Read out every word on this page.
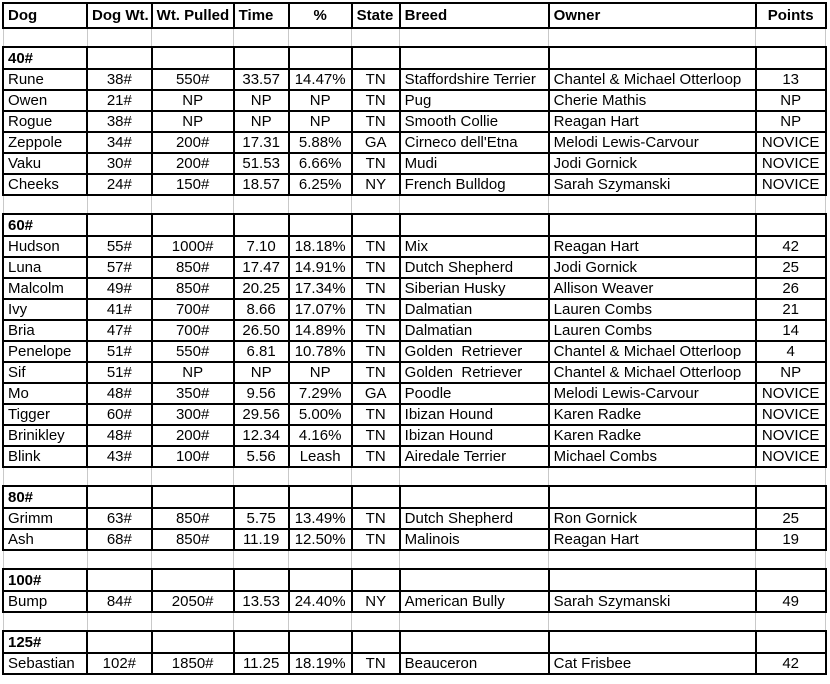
Dog	Dog Wt.	Wt. Pulled	Time	%	State	Breed	Owner	Points

40#								
Rune	38#	550#	33.57	14.47%	TN	Staffordshire Terrier	Chantel & Michael Otterloop	13
Owen	21#	NP	NP	NP	TN	Pug	Cherie Mathis	NP
Rogue	38#	NP	NP	NP	TN	Smooth Collie	Reagan Hart	NP
Zeppole	34#	200#	17.31	5.88%	GA	Cirneco dell'Etna	Melodi Lewis-Carvour	NOVICE
Vaku	30#	200#	51.53	6.66%	TN	Mudi	Jodi Gornick	NOVICE
Cheeks	24#	150#	18.57	6.25%	NY	French Bulldog	Sarah Szymanski	NOVICE

60#								
Hudson	55#	1000#	7.10	18.18%	TN	Mix	Reagan Hart	42
Luna	57#	850#	17.47	14.91%	TN	Dutch Shepherd	Jodi Gornick	25
Malcolm	49#	850#	20.25	17.34%	TN	Siberian Husky	Allison Weaver	26
Ivy	41#	700#	8.66	17.07%	TN	Dalmatian	Lauren Combs	21
Bria	47#	700#	26.50	14.89%	TN	Dalmatian	Lauren Combs	14
Penelope	51#	550#	6.81	10.78%	TN	Golden  Retriever	Chantel & Michael Otterloop	4
Sif	51#	NP	NP	NP	TN	Golden  Retriever	Chantel & Michael Otterloop	NP
Mo	48#	350#	9.56	7.29%	GA	Poodle	Melodi Lewis-Carvour	NOVICE
Tigger	60#	300#	29.56	5.00%	TN	Ibizan Hound	Karen Radke	NOVICE
Brinikley	48#	200#	12.34	4.16%	TN	Ibizan Hound	Karen Radke	NOVICE
Blink	43#	100#	5.56	Leash	TN	Airedale Terrier	Michael Combs	NOVICE

80#								
Grimm	63#	850#	5.75	13.49%	TN	Dutch Shepherd	Ron Gornick	25
Ash	68#	850#	11.19	12.50%	TN	Malinois	Reagan Hart	19

100#								
Bump	84#	2050#	13.53	24.40%	NY	American Bully	Sarah Szymanski	49

125#								
Sebastian	102#	1850#	11.25	18.19%	TN	Beauceron	Cat Frisbee	42
